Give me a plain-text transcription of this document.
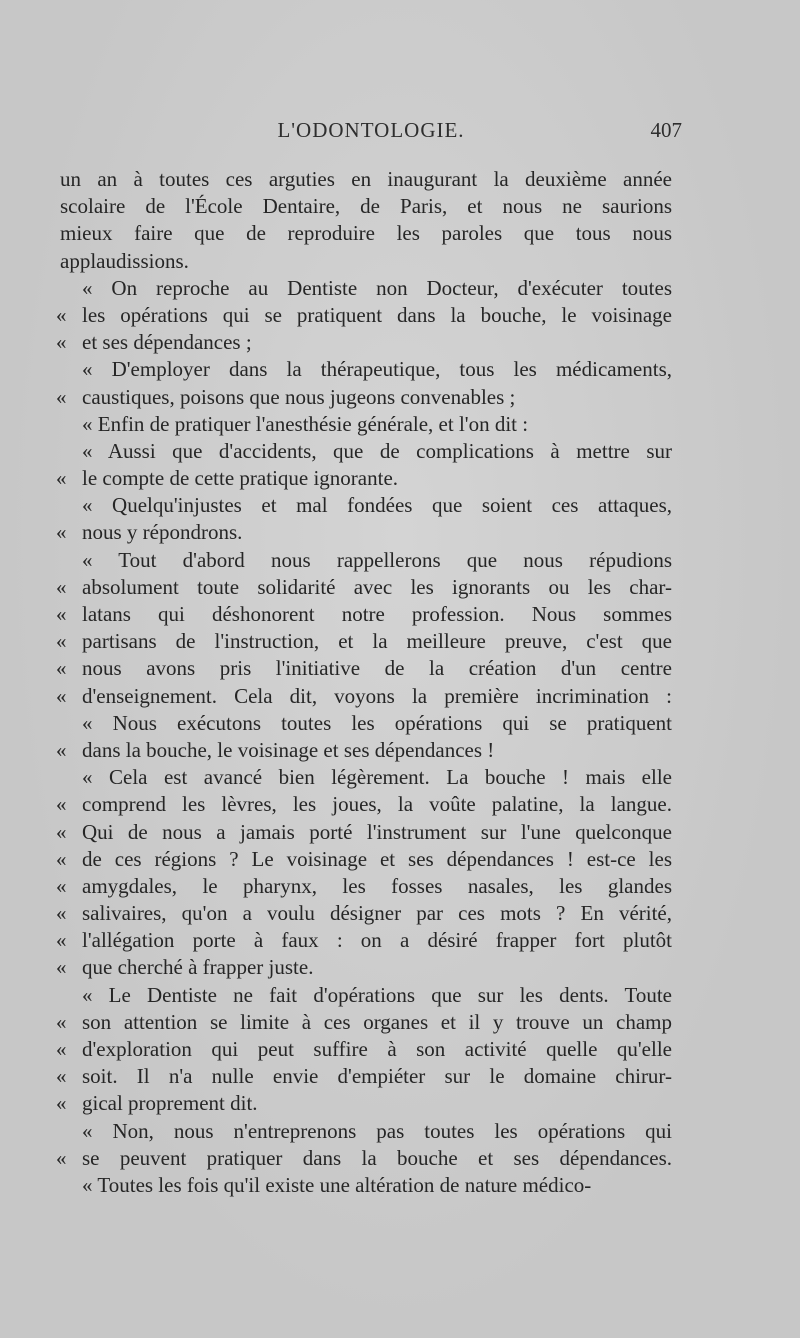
L'ODONTOLOGIE.	407
un an à toutes ces arguties en inaugurant la deuxième année
scolaire de l'École Dentaire, de Paris, et nous ne saurions
mieux faire que de reproduire les paroles que tous nous
applaudissions.
« On reproche au Dentiste non Docteur, d'exécuter toutes
« les opérations qui se pratiquent dans la bouche, le voisinage
« et ses dépendances ;
« D'employer dans la thérapeutique, tous les médicaments,
« caustiques, poisons que nous jugeons convenables ;
« Enfin de pratiquer l'anesthésie générale, et l'on dit :
« Aussi que d'accidents, que de complications à mettre sur
« le compte de cette pratique ignorante.
« Quelqu'injustes et mal fondées que soient ces attaques,
« nous y répondrons.
« Tout d'abord nous rappellerons que nous répudions
« absolument toute solidarité avec les ignorants ou les char-
« latans qui déshonorent notre profession. Nous sommes
« partisans de l'instruction, et la meilleure preuve, c'est que
« nous avons pris l'initiative de la création d'un centre
« d'enseignement. Cela dit, voyons la première incrimination :
« Nous exécutons toutes les opérations qui se pratiquent
« dans la bouche, le voisinage et ses dépendances !
« Cela est avancé bien légèrement. La bouche ! mais elle
« comprend les lèvres, les joues, la voûte palatine, la langue.
« Qui de nous a jamais porté l'instrument sur l'une quelconque
« de ces régions ? Le voisinage et ses dépendances ! est-ce les
« amygdales, le pharynx, les fosses nasales, les glandes
« salivaires, qu'on a voulu désigner par ces mots ? En vérité,
« l'allégation porte à faux : on a désiré frapper fort plutôt
« que cherché à frapper juste.
« Le Dentiste ne fait d'opérations que sur les dents. Toute
« son attention se limite à ces organes et il y trouve un champ
« d'exploration qui peut suffire à son activité quelle qu'elle
« soit. Il n'a nulle envie d'empiéter sur le domaine chirur-
« gical proprement dit.
« Non, nous n'entreprenons pas toutes les opérations qui
« se peuvent pratiquer dans la bouche et ses dépendances.
« Toutes les fois qu'il existe une altération de nature médico-
